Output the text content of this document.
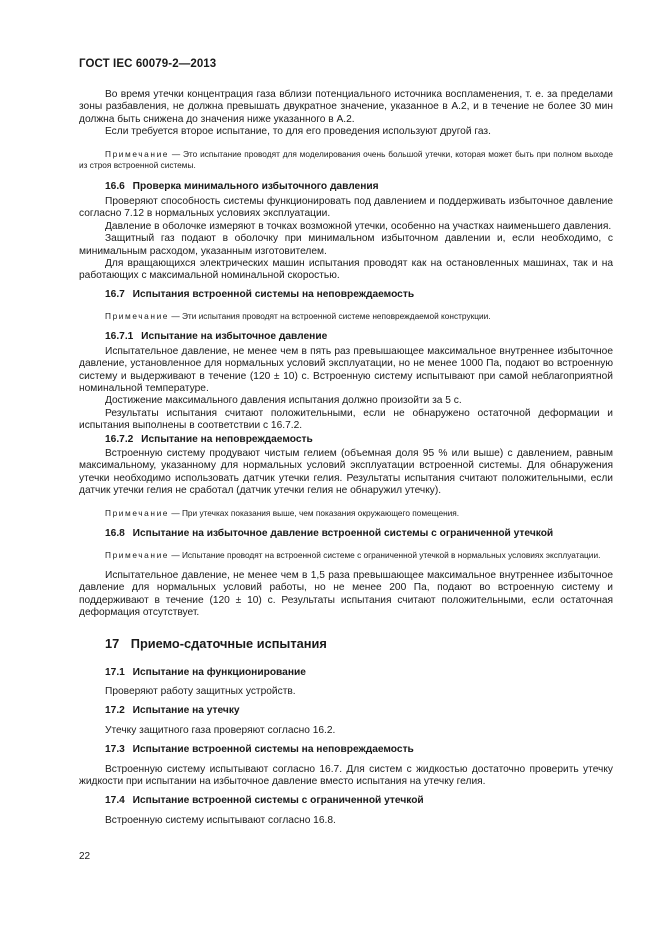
ГОСТ IEC 60079-2—2013

Во время утечки концентрация газа вблизи потенциального источника воспламенения, т. е. за пределами зоны разбавления, не должна превышать двукратное значение, указанное в А.2, и в течение не более 30 мин должна быть снижена до значения ниже указанного в А.2.

Если требуется второе испытание, то для его проведения используют другой газ.

Примечание — Это испытание проводят для моделирования очень большой утечки, которая может быть при полном выходе из строя встроенной системы.
16.6 Проверка минимального избыточного давления

Проверяют способность системы функционировать под давлением и поддерживать избыточное давление согласно 7.12 в нормальных условиях эксплуатации.

Давление в оболочке измеряют в точках возможной утечки, особенно на участках наименьшего давления.

Защитный газ подают в оболочку при минимальном избыточном давлении и, если необходимо, с минимальным расходом, указанным изготовителем.

Для вращающихся электрических машин испытания проводят как на остановленных машинах, так и на работающих с максимальной номинальной скоростью.

16.7 Испытания встроенной системы на неповреждаемость
Примечание — Эти испытания проводят на встроенной системе неповреждаемой конструкции.
16.7.1 Испытание на избыточное давление

Испытательное давление, не менее чем в пять раз превышающее максимальное внутреннее избыточное давление, установленное для нормальных условий эксплуатации, но не менее 1000 Па, подают во встроенную систему и выдерживают в течение (120 ± 10) с. Встроенную систему испытывают при самой неблагоприятной номинальной температуре.

Достижение максимального давления испытания должно произойти за 5 с.

Результаты испытания считают положительными, если не обнаружено остаточной деформации и испытания выполнены в соответствии с 16.7.2.

16.7.2 Испытание на неповреждаемость

Встроенную систему продувают чистым гелием (объемная доля 95 % или выше) с давлением, равным максимальному, указанному для нормальных условий эксплуатации встроенной системы. Для обнаружения утечки необходимо использовать датчик утечки гелия. Результаты испытания считают положительными, если датчик утечки гелия не сработал (датчик утечки гелия не обнаружил утечку).

Примечание — При утечках показания выше, чем показания окружающего помещения.
16.8 Испытание на избыточное давление встроенной системы с ограниченной утечкой
Примечание — Испытание проводят на встроенной системе с ограниченной утечкой в нормальных условиях эксплуатации.

Испытательное давление, не менее чем в 1,5 раза превышающее максимальное внутреннее избыточное давление для нормальных условий работы, но не менее 200 Па, подают во встроенную систему и поддерживают в течение (120 ± 10) с. Результаты испытания считают положительными, если остаточная деформация отсутствует.

17 Приемо-сдаточные испытания
17.1 Испытание на функционирование

Проверяют работу защитных устройств.

17.2 Испытание на утечку

Утечку защитного газа проверяют согласно 16.2.

17.3 Испытание встроенной системы на неповреждаемость

Встроенную систему испытывают согласно 16.7. Для систем с жидкостью достаточно проверить утечку жидкости при испытании на избыточное давление вместо испытания на утечку гелия.

17.4 Испытание встроенной системы с ограниченной утечкой

Встроенную систему испытывают согласно 16.8.

22
